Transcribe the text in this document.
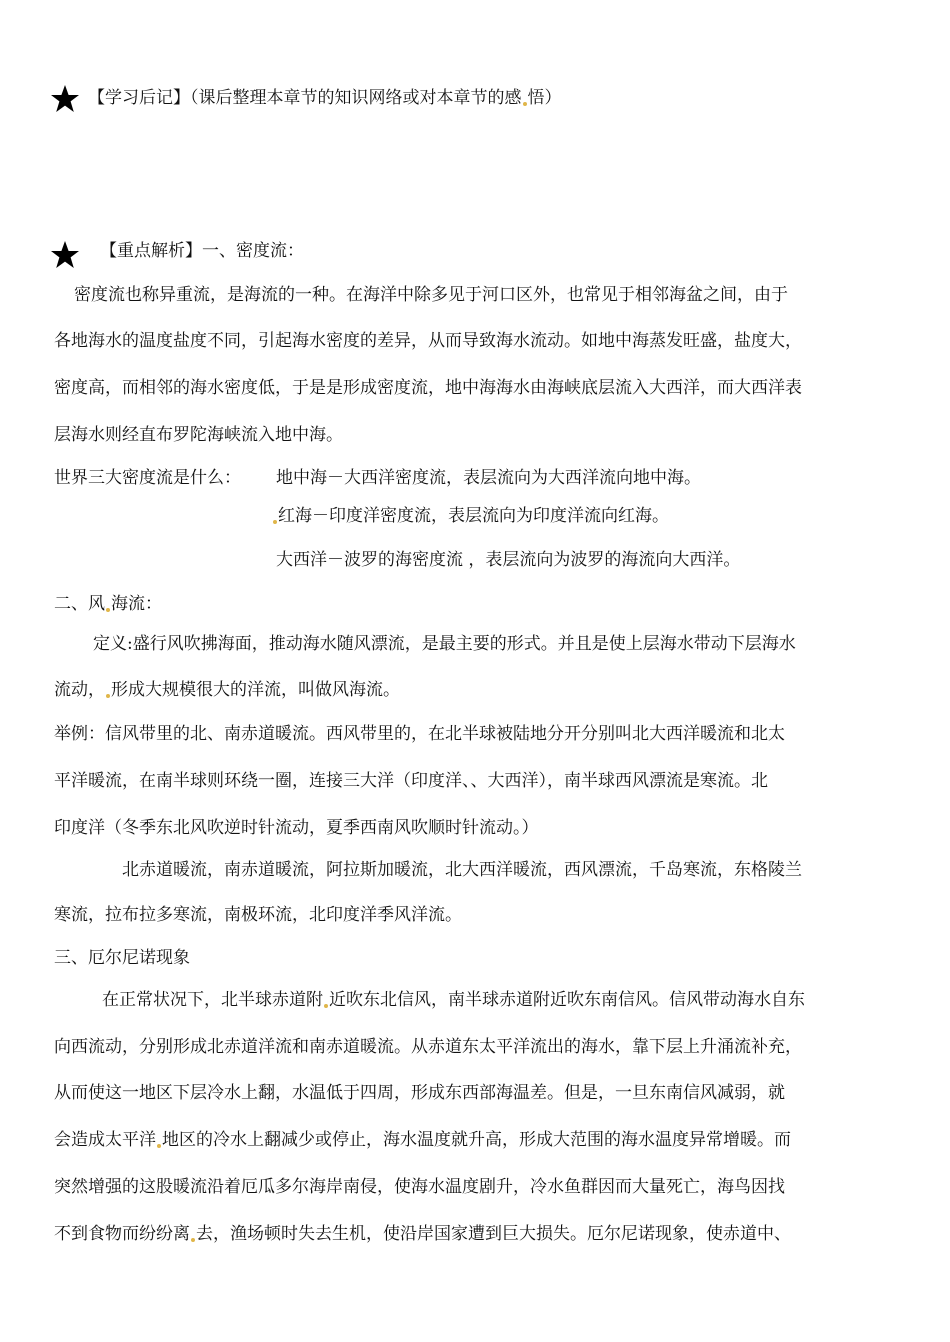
【学习后记】（课后整理本章节的知识网络或对本章节的感 悟）
【重点解析】一、密度流：
密度流也称异重流，是海流的一种。在海洋中除多见于河口区外，也常见于相邻海盆之间，由于
各地海水的温度盐度不同，引起海水密度的差异，从而导致海水流动。如地中海蒸发旺盛，盐度大，
密度高，而相邻的海水密度低，于是是形成密度流，地中海海水由海峡底层流入大西洋，而大西洋表
层海水则经直布罗陀海峡流入地中海。
世界三大密度流是什么： 地中海－大西洋密度流，表层流向为大西洋流向地中海。
红海－印度洋密度流，表层流向为印度洋流向红海。
大西洋－波罗的海密度流 ，表层流向为波罗的海流向大西洋。
二、风 海流：
定义:盛行风吹拂海面，推动海水随风漂流，是最主要的形式。并且是使上层海水带动下层海水
流动， 形成大规模很大的洋流，叫做风海流。
举例：信风带里的北、南赤道暖流。西风带里的，在北半球被陆地分开分别叫北大西洋暖流和北太
平洋暖流，在南半球则环绕一圈，连接三大洋（印度洋、、大西洋），南半球西风漂流是寒流。北
印度洋（冬季东北风吹逆时针流动，夏季西南风吹顺时针流动。）
北赤道暖流，南赤道暖流，阿拉斯加暖流，北大西洋暖流，西风漂流，千岛寒流，东格陵兰
寒流，拉布拉多寒流，南极环流，北印度洋季风洋流。
三、厄尔尼诺现象
在正常状况下，北半球赤道附 近吹东北信风，南半球赤道附近吹东南信风。信风带动海水自东
向西流动，分别形成北赤道洋流和南赤道暖流。从赤道东太平洋流出的海水，靠下层上升涌流补充，
从而使这一地区下层冷水上翻，水温低于四周，形成东西部海温差。但是，一旦东南信风减弱，就
会造成太平洋 地区的冷水上翻减少或停止，海水温度就升高，形成大范围的海水温度异常增暖。而
突然增强的这股暖流沿着厄瓜多尔海岸南侵，使海水温度剧升，冷水鱼群因而大量死亡，海鸟因找
不到食物而纷纷离 去，渔场顿时失去生机，使沿岸国家遭到巨大损失。厄尔尼诺现象，使赤道中、
